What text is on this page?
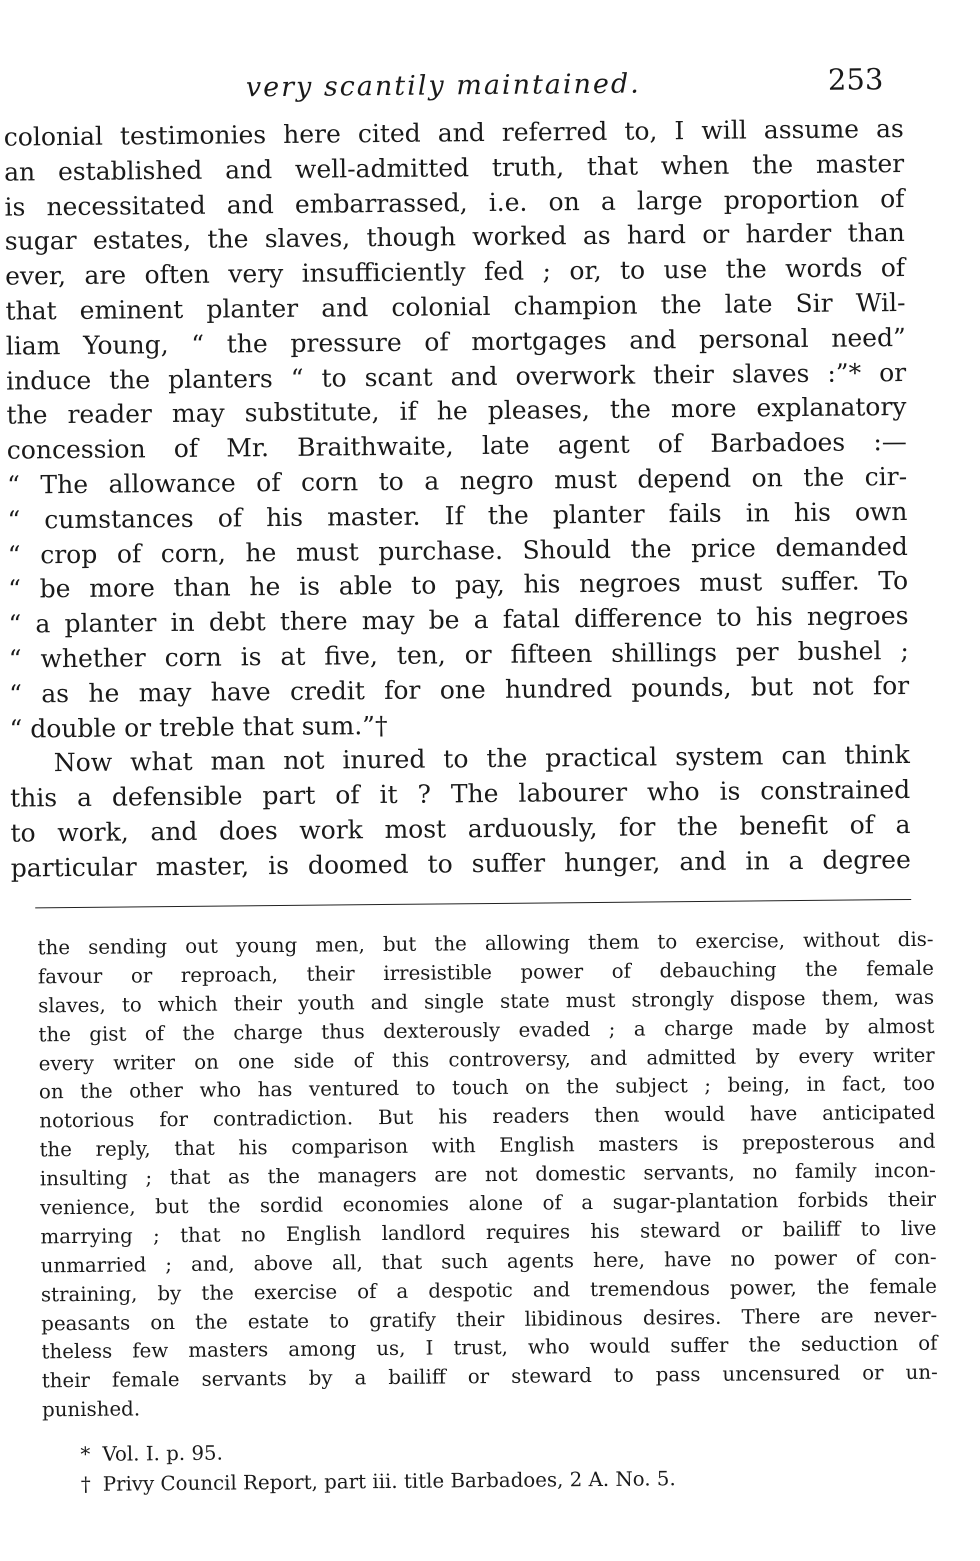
very scantily maintained.	253
colonial testimonies here cited and referred to, I will assume as
an established and well-admitted truth, that when the master
is necessitated and embarrassed, i.e. on a large proportion of
sugar estates, the slaves, though worked as hard or harder than
ever, are often very insufficiently fed ; or, to use the words of
that eminent planter and colonial champion the late Sir Wil-
liam Young, “ the pressure of mortgages and personal need”
induce the planters “ to scant and overwork their slaves :”* or
the reader may substitute, if he pleases, the more explanatory
concession of Mr. Braithwaite, late agent of Barbadoes :—
“ The allowance of corn to a negro must depend on the cir-
“ cumstances of his master. If the planter fails in his own
“ crop of corn, he must purchase. Should the price demanded
“ be more than he is able to pay, his negroes must suffer. To
“ a planter in debt there may be a fatal difference to his negroes
“ whether corn is at five, ten, or fifteen shillings per bushel ;
“ as he may have credit for one hundred pounds, but not for
“ double or treble that sum.”†
Now what man not inured to the practical system can think
this a defensible part of it ? The labourer who is constrained
to work, and does work most arduously, for the benefit of a
particular master, is doomed to suffer hunger, and in a degree
the sending out young men, but the allowing them to exercise, without dis-
favour or reproach, their irresistible power of debauching the female
slaves, to which their youth and single state must strongly dispose them, was
the gist of the charge thus dexterously evaded ; a charge made by almost
every writer on one side of this controversy, and admitted by every writer
on the other who has ventured to touch on the subject ; being, in fact, too
notorious for contradiction. But his readers then would have anticipated
the reply, that his comparison with English masters is preposterous and
insulting ; that as the managers are not domestic servants, no family incon-
venience, but the sordid economies alone of a sugar-plantation forbids their
marrying ; that no English landlord requires his steward or bailiff to live
unmarried ; and, above all, that such agents here, have no power of con-
straining, by the exercise of a despotic and tremendous power, the female
peasants on the estate to gratify their libidinous desires. There are never-
theless few masters among us, I trust, who would suffer the seduction of
their female servants by a bailiff or steward to pass uncensured or un-
punished.
* Vol. I. p. 95.
† Privy Council Report, part iii. title Barbadoes, 2 A. No. 5.
